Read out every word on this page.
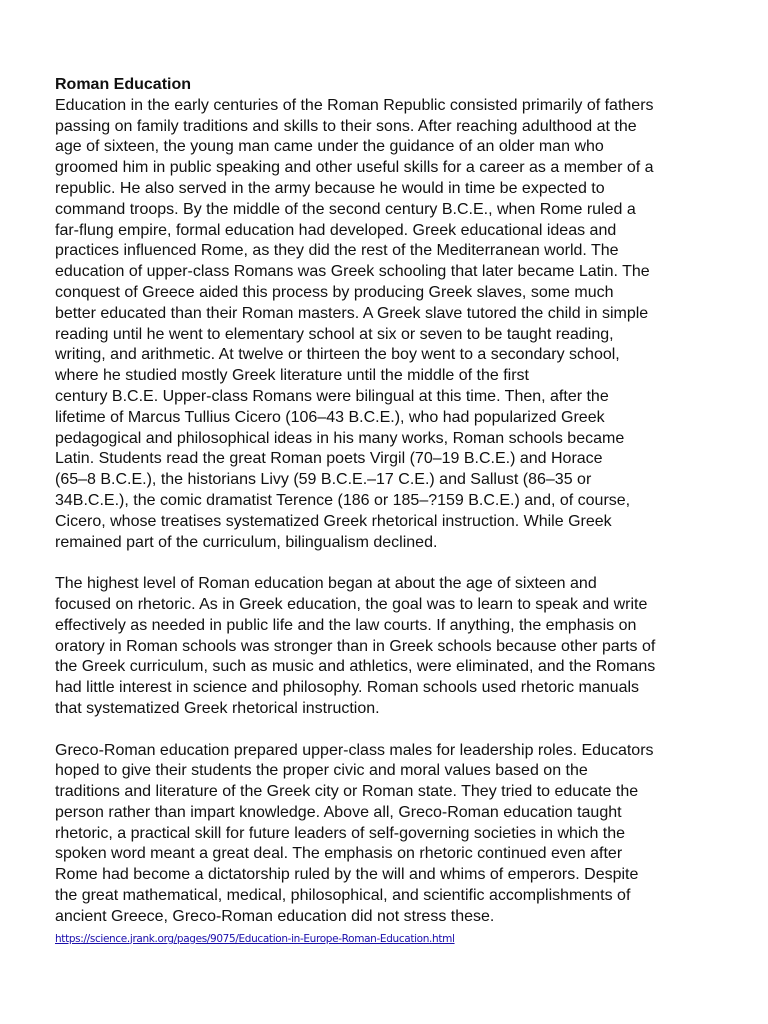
Roman Education

Education in the early centuries of the Roman Republic consisted primarily of fathers
passing on family traditions and skills to their sons. After reaching adulthood at the
age of sixteen, the young man came under the guidance of an older man who
groomed him in public speaking and other useful skills for a career as a member of a
republic. He also served in the army because he would in time be expected to
command troops. By the middle of the second century B.C.E., when Rome ruled a
far-flung empire, formal education had developed. Greek educational ideas and
practices influenced Rome, as they did the rest of the Mediterranean world. The
education of upper-class Romans was Greek schooling that later became Latin. The
conquest of Greece aided this process by producing Greek slaves, some much
better educated than their Roman masters. A Greek slave tutored the child in simple
reading until he went to elementary school at six or seven to be taught reading,
writing, and arithmetic. At twelve or thirteen the boy went to a secondary school,
where he studied mostly Greek literature until the middle of the first
century B.C.E. Upper-class Romans were bilingual at this time. Then, after the
lifetime of Marcus Tullius Cicero (106–43 B.C.E.), who had popularized Greek
pedagogical and philosophical ideas in his many works, Roman schools became
Latin. Students read the great Roman poets Virgil (70–19 B.C.E.) and Horace
(65–8 B.C.E.), the historians Livy (59 B.C.E.–17 C.E.) and Sallust (86–35 or
34B.C.E.), the comic dramatist Terence (186 or 185–?159 B.C.E.) and, of course,
Cicero, whose treatises systematized Greek rhetorical instruction. While Greek
remained part of the curriculum, bilingualism declined.

The highest level of Roman education began at about the age of sixteen and
focused on rhetoric. As in Greek education, the goal was to learn to speak and write
effectively as needed in public life and the law courts. If anything, the emphasis on
oratory in Roman schools was stronger than in Greek schools because other parts of
the Greek curriculum, such as music and athletics, were eliminated, and the Romans
had little interest in science and philosophy. Roman schools used rhetoric manuals
that systematized Greek rhetorical instruction.

Greco-Roman education prepared upper-class males for leadership roles. Educators
hoped to give their students the proper civic and moral values based on the
traditions and literature of the Greek city or Roman state. They tried to educate the
person rather than impart knowledge. Above all, Greco-Roman education taught
rhetoric, a practical skill for future leaders of self-governing societies in which the
spoken word meant a great deal. The emphasis on rhetoric continued even after
Rome had become a dictatorship ruled by the will and whims of emperors. Despite
the great mathematical, medical, philosophical, and scientific accomplishments of
ancient Greece, Greco-Roman education did not stress these.

https://science.jrank.org/pages/9075/Education-in-Europe-Roman-Education.html
